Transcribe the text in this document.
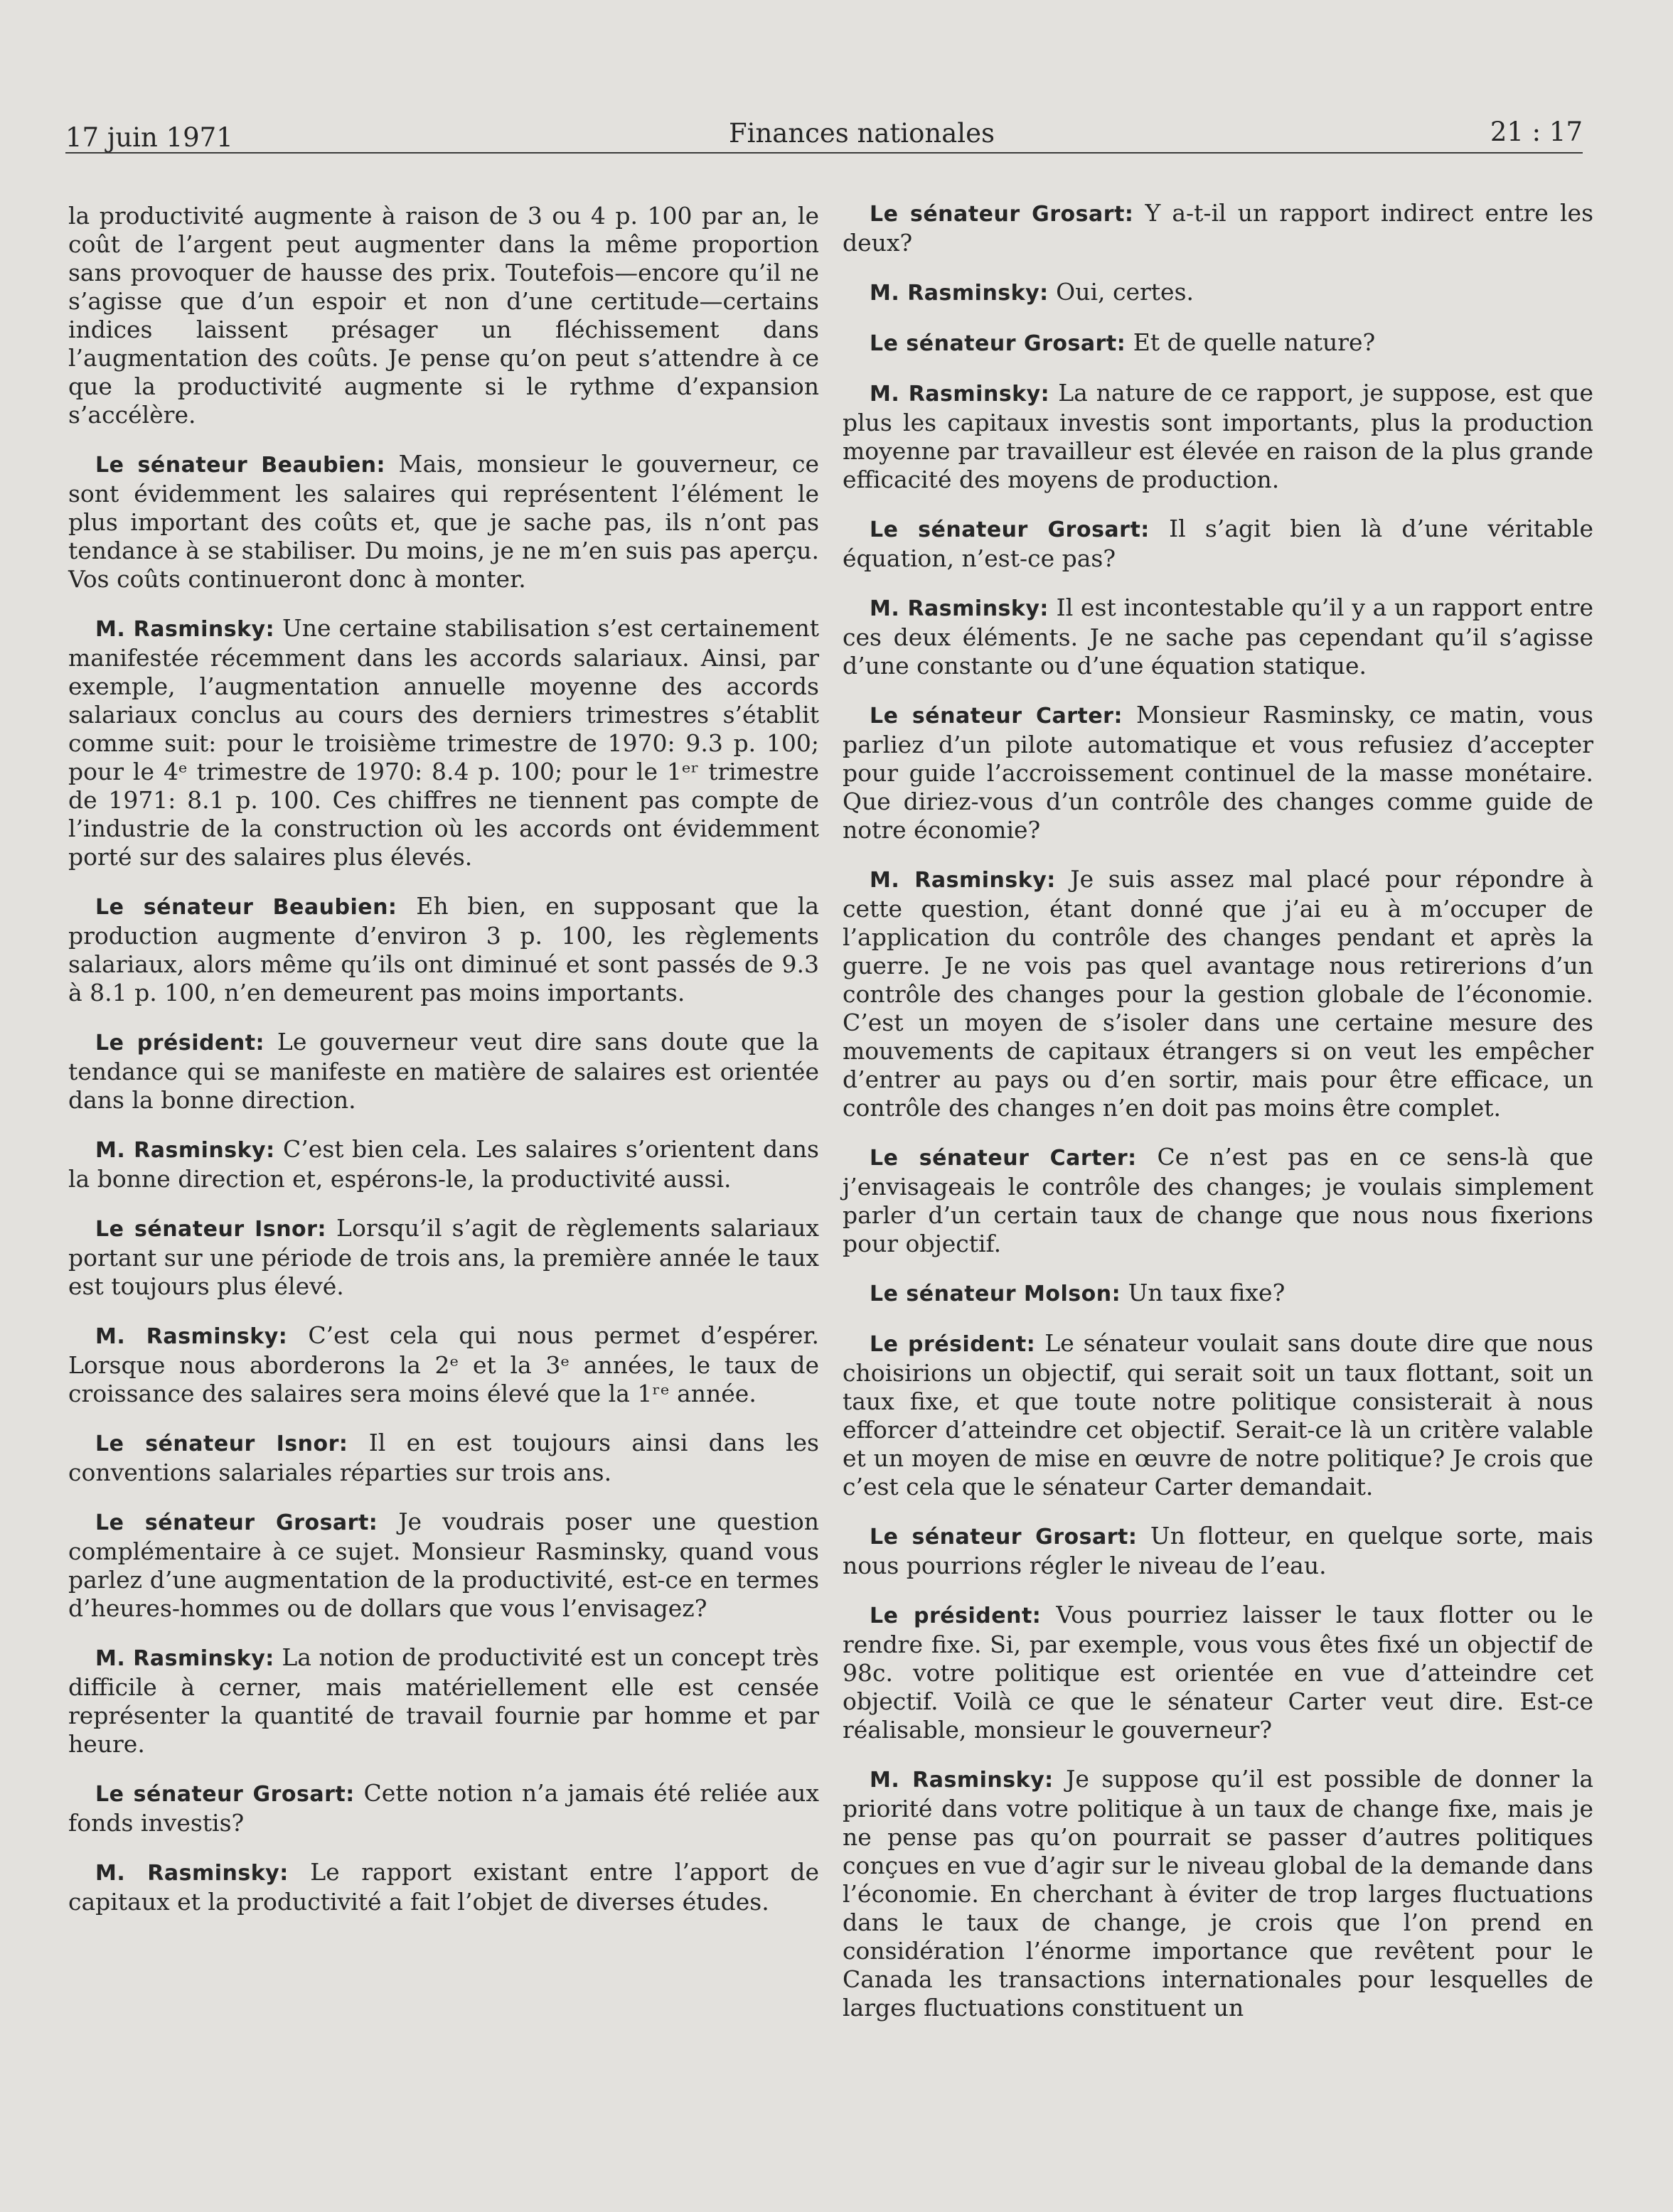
17 juin 1971	Finances nationales	21 : 17

la productivité augmente à raison de 3 ou 4 p. 100 par an, le coût de l’argent peut augmenter dans la même proportion sans provoquer de hausse des prix. Toutefois—encore qu’il ne s’agisse que d’un espoir et non d’une certitude—certains indices laissent présager un fléchissement dans l’augmentation des coûts. Je pense qu’on peut s’attendre à ce que la productivité augmente si le rythme d’expansion s’accélère.

Le sénateur Beaubien: Mais, monsieur le gouverneur, ce sont évidemment les salaires qui représentent l’élément le plus important des coûts et, que je sache pas, ils n’ont pas tendance à se stabiliser. Du moins, je ne m’en suis pas aperçu. Vos coûts continueront donc à monter.

M. Rasminsky: Une certaine stabilisation s’est certainement manifestée récemment dans les accords salariaux. Ainsi, par exemple, l’augmentation annuelle moyenne des accords salariaux conclus au cours des derniers trimestres s’établit comme suit: pour le troisième trimestre de 1970: 9.3 p. 100; pour le 4ᵉ trimestre de 1970: 8.4 p. 100; pour le 1ᵉʳ trimestre de 1971: 8.1 p. 100. Ces chiffres ne tiennent pas compte de l’industrie de la construction où les accords ont évidemment porté sur des salaires plus élevés.

Le sénateur Beaubien: Eh bien, en supposant que la production augmente d’environ 3 p. 100, les règlements salariaux, alors même qu’ils ont diminué et sont passés de 9.3 à 8.1 p. 100, n’en demeurent pas moins importants.

Le président: Le gouverneur veut dire sans doute que la tendance qui se manifeste en matière de salaires est orientée dans la bonne direction.

M. Rasminsky: C’est bien cela. Les salaires s’orientent dans la bonne direction et, espérons-le, la productivité aussi.

Le sénateur Isnor: Lorsqu’il s’agit de règlements salariaux portant sur une période de trois ans, la première année le taux est toujours plus élevé.

M. Rasminsky: C’est cela qui nous permet d’espérer. Lorsque nous aborderons la 2ᵉ et la 3ᵉ années, le taux de croissance des salaires sera moins élevé que la 1ʳᵉ année.

Le sénateur Isnor: Il en est toujours ainsi dans les conventions salariales réparties sur trois ans.

Le sénateur Grosart: Je voudrais poser une question complémentaire à ce sujet. Monsieur Rasminsky, quand vous parlez d’une augmentation de la productivité, est-ce en termes d’heures-hommes ou de dollars que vous l’envisagez?

M. Rasminsky: La notion de productivité est un concept très difficile à cerner, mais matériellement elle est censée représenter la quantité de travail fournie par homme et par heure.

Le sénateur Grosart: Cette notion n’a jamais été reliée aux fonds investis?

M. Rasminsky: Le rapport existant entre l’apport de capitaux et la productivité a fait l’objet de diverses études.

Le sénateur Grosart: Y a-t-il un rapport indirect entre les deux?

M. Rasminsky: Oui, certes.

Le sénateur Grosart: Et de quelle nature?

M. Rasminsky: La nature de ce rapport, je suppose, est que plus les capitaux investis sont importants, plus la production moyenne par travailleur est élevée en raison de la plus grande efficacité des moyens de production.

Le sénateur Grosart: Il s’agit bien là d’une véritable équation, n’est-ce pas?

M. Rasminsky: Il est incontestable qu’il y a un rapport entre ces deux éléments. Je ne sache pas cependant qu’il s’agisse d’une constante ou d’une équation statique.

Le sénateur Carter: Monsieur Rasminsky, ce matin, vous parliez d’un pilote automatique et vous refusiez d’accepter pour guide l’accroissement continuel de la masse monétaire. Que diriez-vous d’un contrôle des changes comme guide de notre économie?

M. Rasminsky: Je suis assez mal placé pour répondre à cette question, étant donné que j’ai eu à m’occuper de l’application du contrôle des changes pendant et après la guerre. Je ne vois pas quel avantage nous retirerions d’un contrôle des changes pour la gestion globale de l’économie. C’est un moyen de s’isoler dans une certaine mesure des mouvements de capitaux étrangers si on veut les empêcher d’entrer au pays ou d’en sortir, mais pour être efficace, un contrôle des changes n’en doit pas moins être complet.

Le sénateur Carter: Ce n’est pas en ce sens-là que j’envisageais le contrôle des changes; je voulais simplement parler d’un certain taux de change que nous nous fixerions pour objectif.

Le sénateur Molson: Un taux fixe?

Le président: Le sénateur voulait sans doute dire que nous choisirions un objectif, qui serait soit un taux flottant, soit un taux fixe, et que toute notre politique consisterait à nous efforcer d’atteindre cet objectif. Serait-ce là un critère valable et un moyen de mise en œuvre de notre politique? Je crois que c’est cela que le sénateur Carter demandait.

Le sénateur Grosart: Un flotteur, en quelque sorte, mais nous pourrions régler le niveau de l’eau.

Le président: Vous pourriez laisser le taux flotter ou le rendre fixe. Si, par exemple, vous vous êtes fixé un objectif de 98c. votre politique est orientée en vue d’atteindre cet objectif. Voilà ce que le sénateur Carter veut dire. Est-ce réalisable, monsieur le gouverneur?

M. Rasminsky: Je suppose qu’il est possible de donner la priorité dans votre politique à un taux de change fixe, mais je ne pense pas qu’on pourrait se passer d’autres politiques conçues en vue d’agir sur le niveau global de la demande dans l’économie. En cherchant à éviter de trop larges fluctuations dans le taux de change, je crois que l’on prend en considération l’énorme importance que revêtent pour le Canada les transactions internationales pour lesquelles de larges fluctuations constituent un
